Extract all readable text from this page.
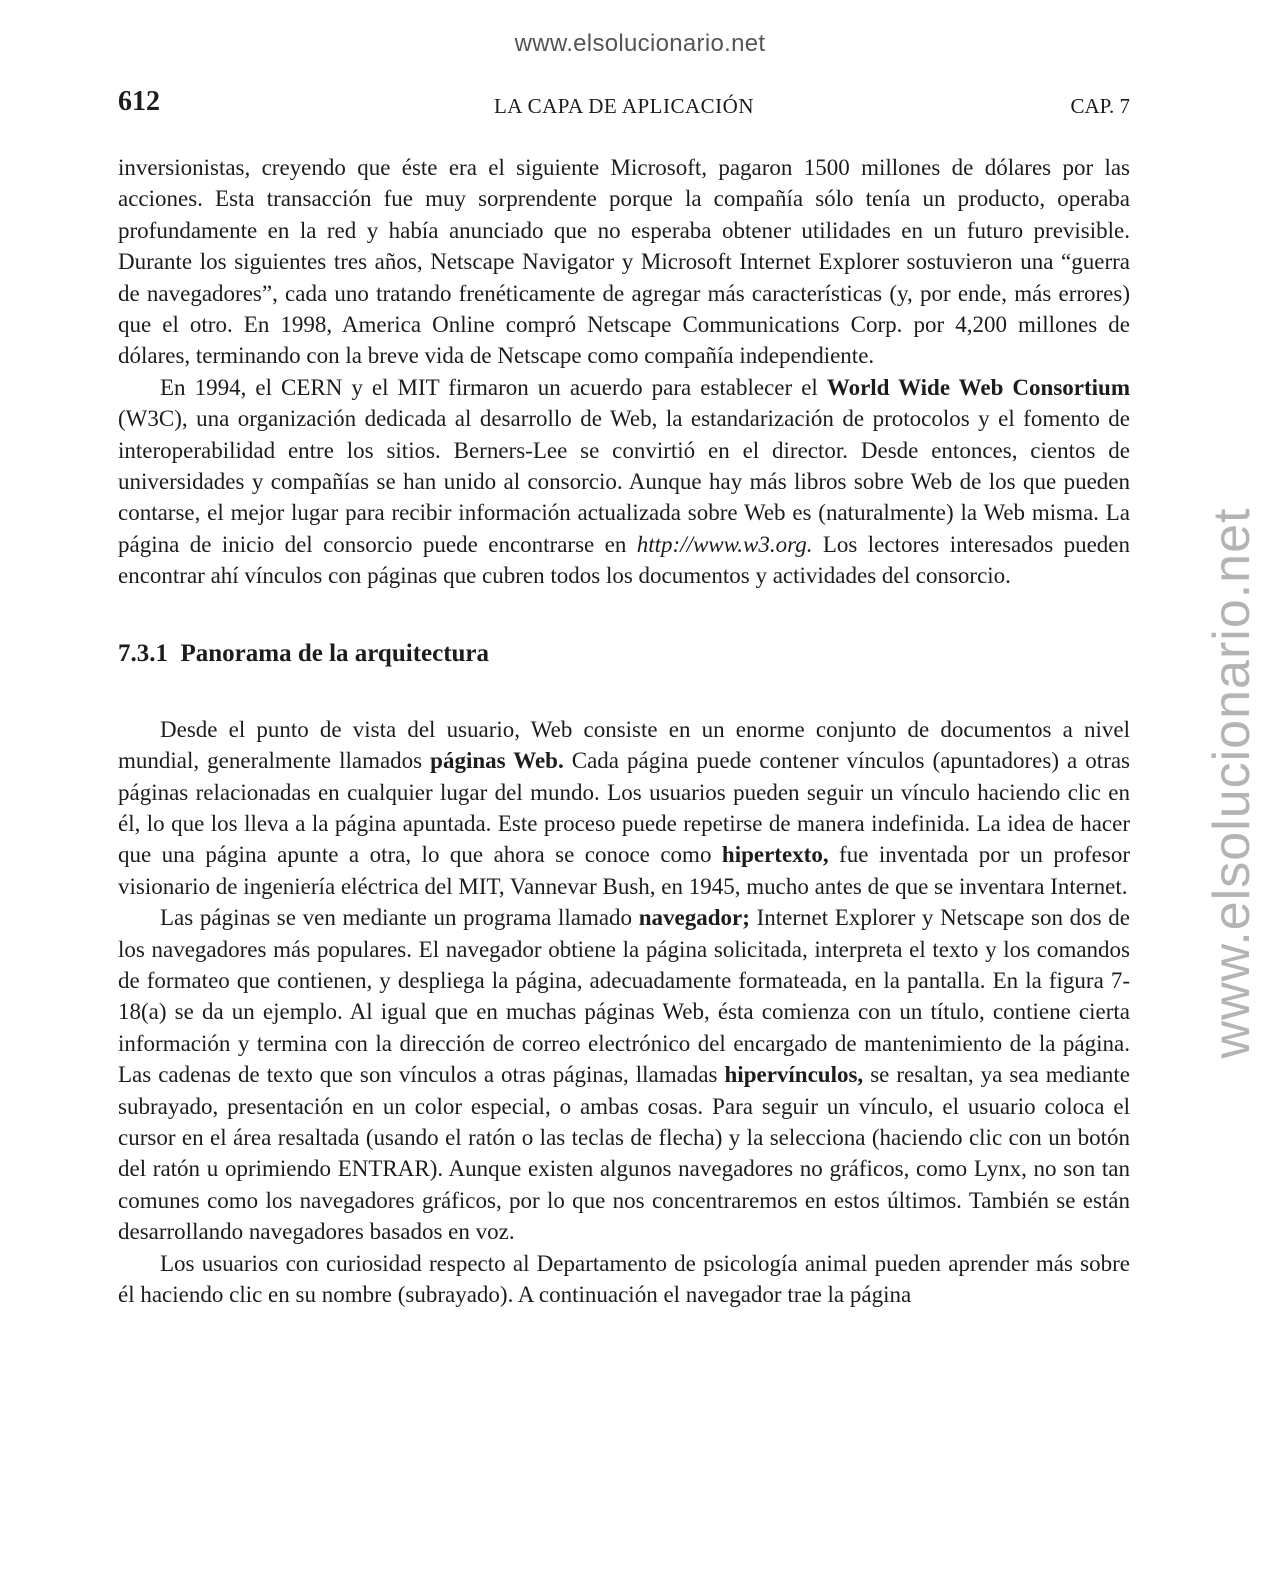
www.elsolucionario.net
www.elsolucionario.net
612	LA CAPA DE APLICACIÓN	CAP. 7

inversionistas, creyendo que éste era el siguiente Microsoft, pagaron 1500 millones de dólares por las acciones. Esta transacción fue muy sorprendente porque la compañía sólo tenía un producto, operaba profundamente en la red y había anunciado que no esperaba obtener utilidades en un futuro previsible. Durante los siguientes tres años, Netscape Navigator y Microsoft Internet Explorer sostuvieron una “guerra de navegadores”, cada uno tratando frenéticamente de agregar más características (y, por ende, más errores) que el otro. En 1998, America Online compró Netscape Communications Corp. por 4,200 millones de dólares, terminando con la breve vida de Netscape como compañía independiente.

En 1994, el CERN y el MIT firmaron un acuerdo para establecer el World Wide Web Consortium (W3C), una organización dedicada al desarrollo de Web, la estandarización de protocolos y el fomento de interoperabilidad entre los sitios. Berners-Lee se convirtió en el director. Desde entonces, cientos de universidades y compañías se han unido al consorcio. Aunque hay más libros sobre Web de los que pueden contarse, el mejor lugar para recibir información actualizada sobre Web es (naturalmente) la Web misma. La página de inicio del consorcio puede encontrarse en http://www.w3.org. Los lectores interesados pueden encontrar ahí vínculos con páginas que cubren todos los documentos y actividades del consorcio.

7.3.1 Panorama de la arquitectura

Desde el punto de vista del usuario, Web consiste en un enorme conjunto de documentos a nivel mundial, generalmente llamados páginas Web. Cada página puede contener vínculos (apuntadores) a otras páginas relacionadas en cualquier lugar del mundo. Los usuarios pueden seguir un vínculo haciendo clic en él, lo que los lleva a la página apuntada. Este proceso puede repetirse de manera indefinida. La idea de hacer que una página apunte a otra, lo que ahora se conoce como hipertexto, fue inventada por un profesor visionario de ingeniería eléctrica del MIT, Vannevar Bush, en 1945, mucho antes de que se inventara Internet.

Las páginas se ven mediante un programa llamado navegador; Internet Explorer y Netscape son dos de los navegadores más populares. El navegador obtiene la página solicitada, interpreta el texto y los comandos de formateo que contienen, y despliega la página, adecuadamente formateada, en la pantalla. En la figura 7-18(a) se da un ejemplo. Al igual que en muchas páginas Web, ésta comienza con un título, contiene cierta información y termina con la dirección de correo electrónico del encargado de mantenimiento de la página. Las cadenas de texto que son vínculos a otras páginas, llamadas hipervínculos, se resaltan, ya sea mediante subrayado, presentación en un color especial, o ambas cosas. Para seguir un vínculo, el usuario coloca el cursor en el área resaltada (usando el ratón o las teclas de flecha) y la selecciona (haciendo clic con un botón del ratón u oprimiendo ENTRAR). Aunque existen algunos navegadores no gráficos, como Lynx, no son tan comunes como los navegadores gráficos, por lo que nos concentraremos en estos últimos. También se están desarrollando navegadores basados en voz.

Los usuarios con curiosidad respecto al Departamento de psicología animal pueden aprender más sobre él haciendo clic en su nombre (subrayado). A continuación el navegador trae la página
